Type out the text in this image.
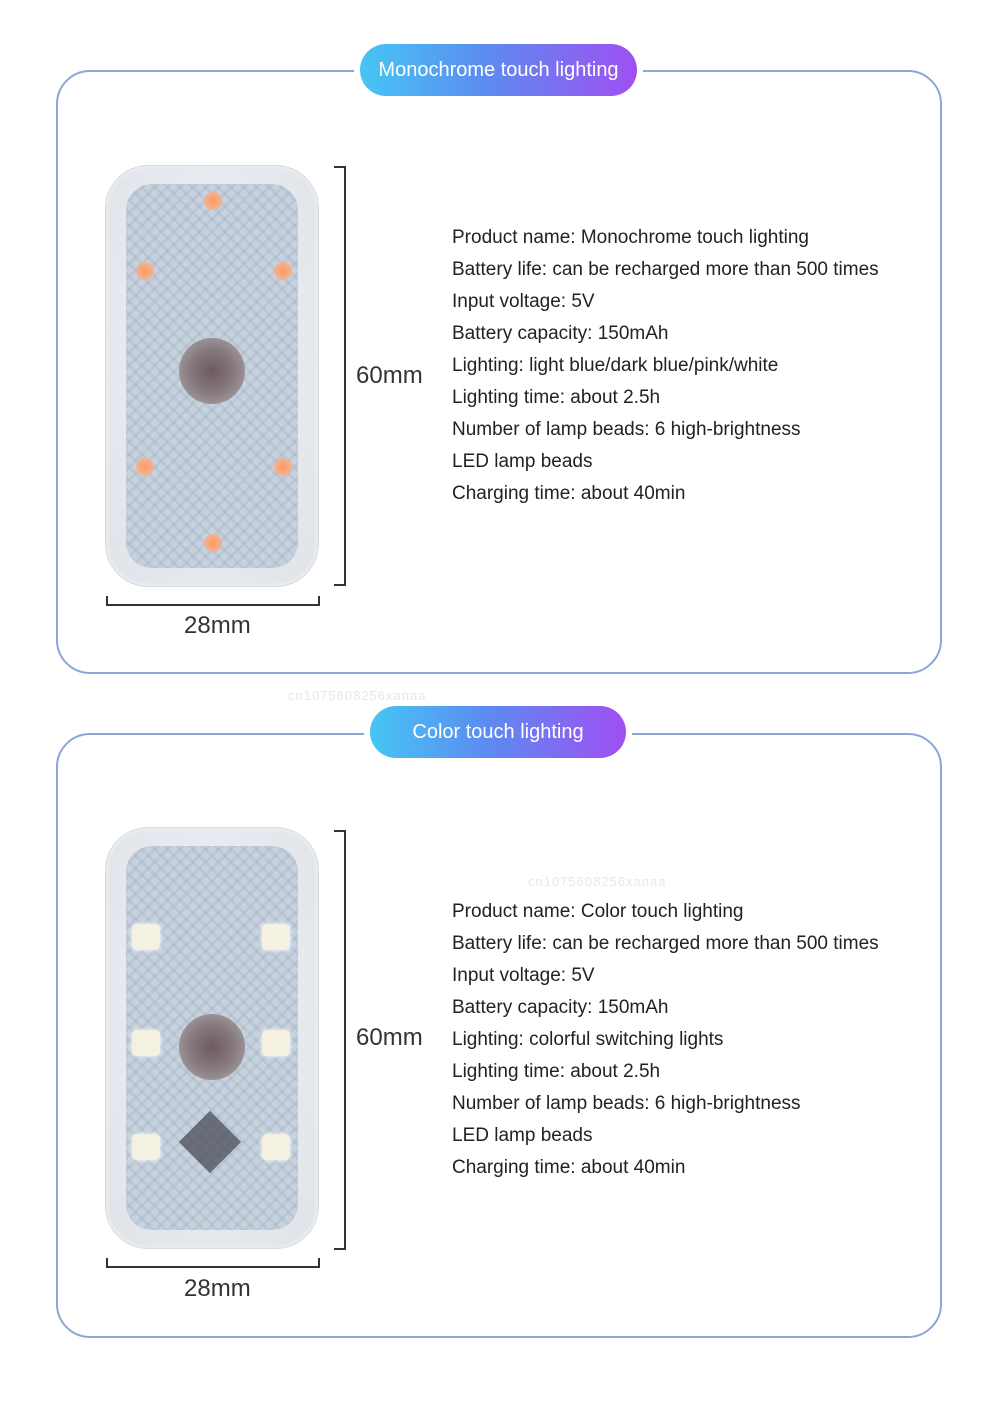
Monochrome touch lighting
60mm
28mm
Product name: Monochrome touch lighting
Battery life: can be recharged more than 500 times
Input voltage: 5V
Battery capacity: 150mAh
Lighting: light blue/dark blue/pink/white
Lighting time: about 2.5h
Number of lamp beads: 6 high-brightness
LED lamp beads
Charging time: about 40min
cn1075608256xanaa
cn1075608256xanaa
Color touch lighting
60mm
28mm
Product name: Color touch lighting
Battery life: can be recharged more than 500 times
Input voltage: 5V
Battery capacity: 150mAh
Lighting: colorful switching lights
Lighting time: about 2.5h
Number of lamp beads: 6 high-brightness
LED lamp beads
Charging time: about 40min
